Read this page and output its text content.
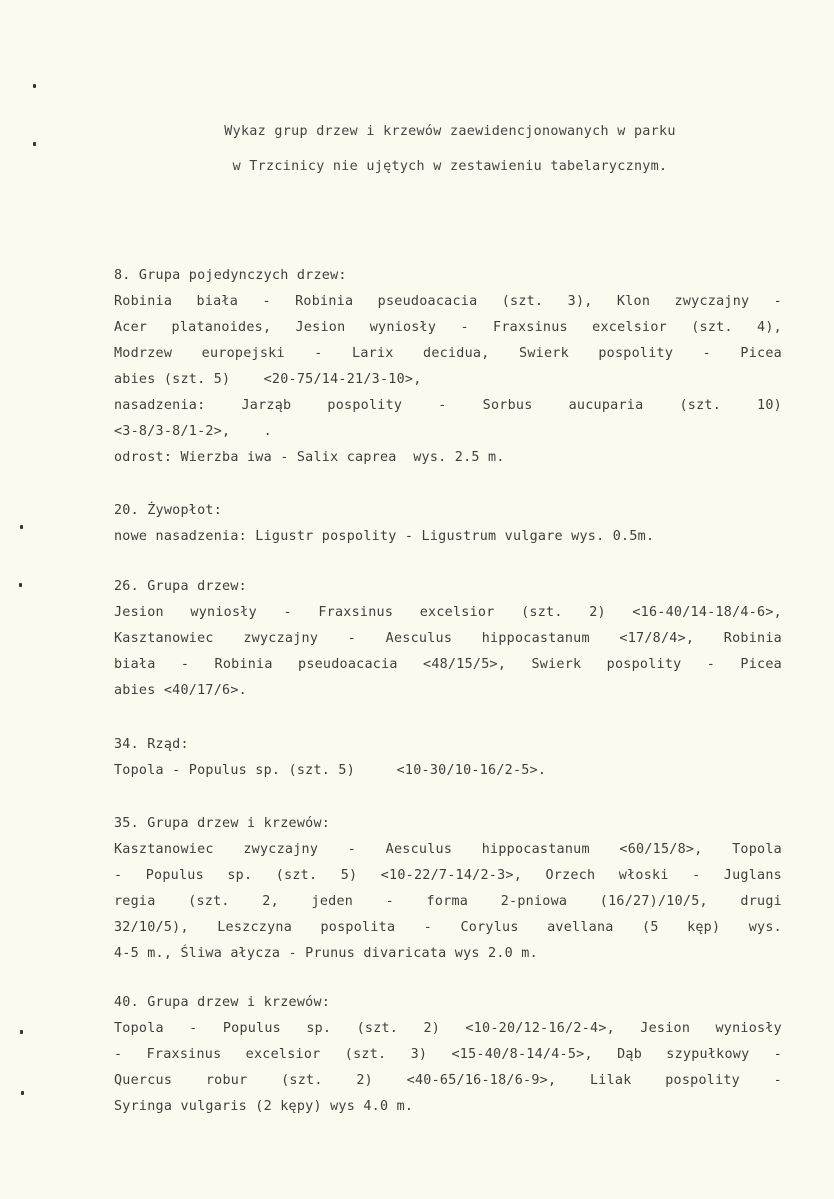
Wykaz grup drzew i krzewów zaewidencjonowanych w parku
w Trzcinicy nie ujętych w zestawieniu tabelarycznym.
8. Grupa pojedynczych drzew:
Robinia biała - Robinia pseudoacacia (szt. 3), Klon zwyczajny -
Acer platanoides, Jesion wyniosły - Fraxsinus excelsior (szt. 4),
Modrzew europejski - Larix decidua, Świerk pospolity - Picea
abies (szt. 5)    <20-75/14-21/3-10>,
nasadzenia: Jarząb pospolity - Sorbus aucuparia (szt. 10)
<3-8/3-8/1-2>,    .
odrost: Wierzba iwa - Salix caprea  wys. 2.5 m.
20. Żywopłot:
nowe nasadzenia: Ligustr pospolity - Ligustrum vulgare wys. 0.5m.
26. Grupa drzew:
Jesion wyniosły - Fraxsinus excelsior (szt. 2) <16-40/14-18/4-6>,
Kasztanowiec zwyczajny - Aesculus hippocastanum <17/8/4>, Robinia
biała - Robinia pseudoacacia <48/15/5>, Świerk pospolity - Picea
abies <40/17/6>.
34. Rząd:
Topola - Populus sp. (szt. 5)     <10-30/10-16/2-5>.
35. Grupa drzew i krzewów:
Kasztanowiec zwyczajny - Aesculus hippocastanum <60/15/8>, Topola
- Populus sp. (szt. 5) <10-22/7-14/2-3>, Orzech włoski - Juglans
regia (szt. 2, jeden - forma 2-pniowa (16/27)/10/5, drugi
32/10/5), Leszczyna pospolita - Corylus avellana (5 kęp) wys.
4-5 m., Śliwa ałycza - Prunus divaricata wys 2.0 m.
40. Grupa drzew i krzewów:
Topola - Populus sp. (szt. 2) <10-20/12-16/2-4>, Jesion wyniosły
- Fraxsinus excelsior (szt. 3) <15-40/8-14/4-5>, Dąb szypułkowy -
Quercus robur (szt. 2) <40-65/16-18/6-9>, Lilak pospolity -
Syringa vulgaris (2 kępy) wys 4.0 m.
